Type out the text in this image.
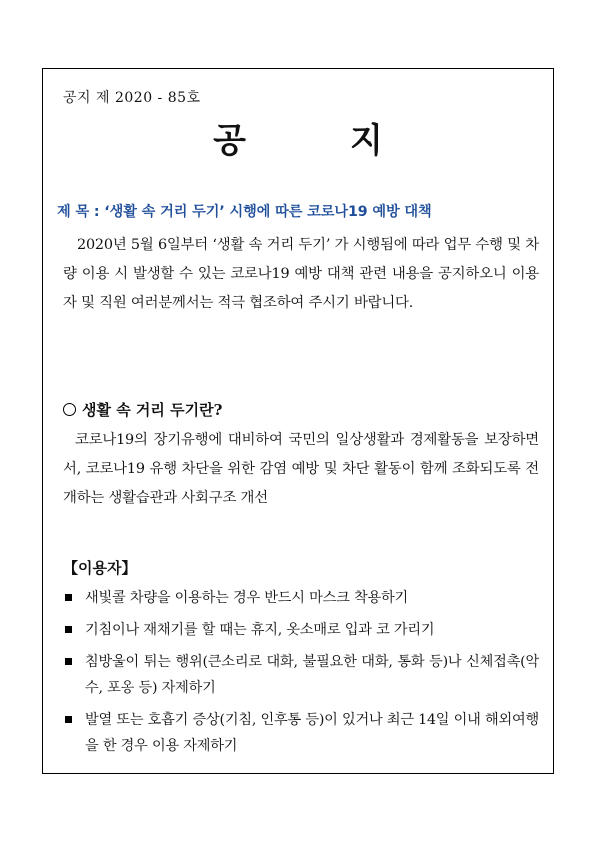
공지 제 2020 - 85호
공	지
제 목 : ‘생활 속 거리 두기’ 시행에 따른 코로나19 예방 대책
2020년 5월 6일부터 ‘생활 속 거리 두기’ 가 시행됨에 따라 업무 수행 및 차량 이용 시 발생할 수 있는 코로나19 예방 대책 관련 내용을 공지하오니 이용자 및 직원 여러분께서는 적극 협조하여 주시기 바랍니다.
생활 속 거리 두기란?
코로나19의 장기유행에 대비하여 국민의 일상생활과 경제활동을 보장하면서, 코로나19 유행 차단을 위한 감염 예방 및 차단 활동이 함께 조화되도록 전개하는 생활습관과 사회구조 개선
【이용자】
새빛콜 차량을 이용하는 경우 반드시 마스크 착용하기
기침이나 재채기를 할 때는 휴지, 옷소매로 입과 코 가리기
침방울이 튀는 행위(큰소리로 대화, 불필요한 대화, 통화 등)나 신체접촉(악수, 포옹 등) 자제하기
발열 또는 호흡기 증상(기침, 인후통 등)이 있거나 최근 14일 이내 해외여행을 한 경우 이용 자제하기
